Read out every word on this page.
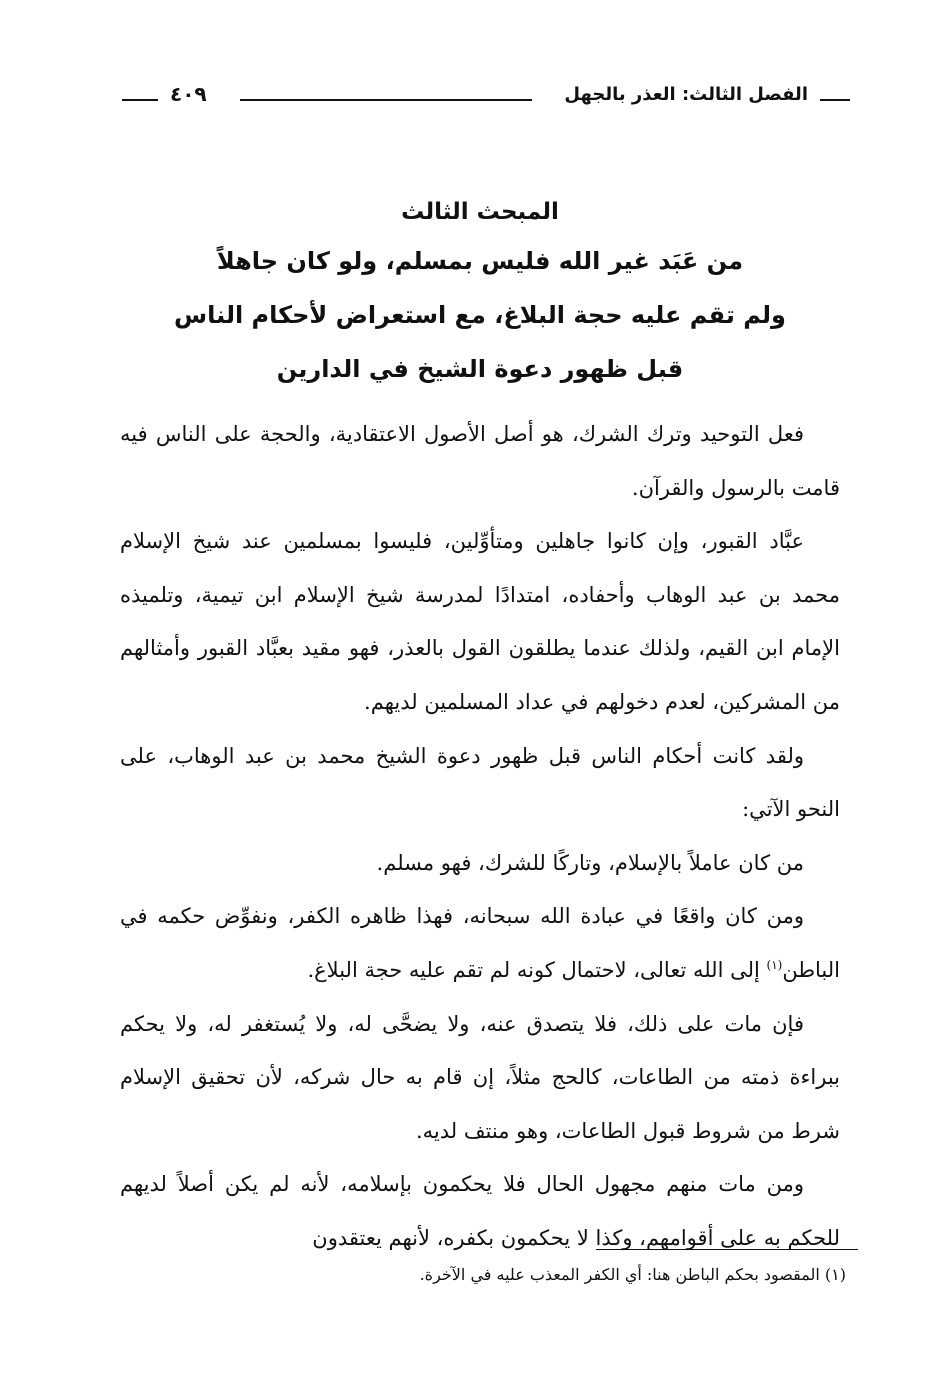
الفصل الثالث: العذر بالجهل
٤٠٩
المبحث الثالث
من عَبَد غير الله فليس بمسلم، ولو كان جاهلاً
ولم تقم عليه حجة البلاغ، مع استعراض لأحكام الناس
قبل ظهور دعوة الشيخ في الدارين

فعل التوحيد وترك الشرك، هو أصل الأصول الاعتقادية، والحجة على الناس فيه قامت بالرسول والقرآن.

عبَّاد القبور، وإن كانوا جاهلين ومتأوِّلين، فليسوا بمسلمين عند شيخ الإسلام محمد بن عبد الوهاب وأحفاده، امتدادًا لمدرسة شيخ الإسلام ابن تيمية، وتلميذه الإمام ابن القيم، ولذلك عندما يطلقون القول بالعذر، فهو مقيد بعبَّاد القبور وأمثالهم من المشركين، لعدم دخولهم في عداد المسلمين لديهم.

ولقد كانت أحكام الناس قبل ظهور دعوة الشيخ محمد بن عبد الوهاب، على النحو الآتي:

من كان عاملاً بالإسلام، وتاركًا للشرك، فهو مسلم.

ومن كان واقعًا في عبادة الله سبحانه، فهذا ظاهره الكفر، ونفوِّض حكمه في الباطن$^{(١)}$ إلى الله تعالى، لاحتمال كونه لم تقم عليه حجة البلاغ.

فإن مات على ذلك، فلا يتصدق عنه، ولا يضحَّى له، ولا يُستغفر له، ولا يحكم ببراءة ذمته من الطاعات، كالحج مثلاً، إن قام به حال شركه، لأن تحقيق الإسلام شرط من شروط قبول الطاعات، وهو منتف لديه.

ومن مات منهم مجهول الحال فلا يحكمون بإسلامه، لأنه لم يكن أصلاً لديهم للحكم به على أقوامهم، وكذا لا يحكمون بكفره، لأنهم يعتقدون

(١) المقصود بحكم الباطن هنا: أي الكفر المعذب عليه في الآخرة.
